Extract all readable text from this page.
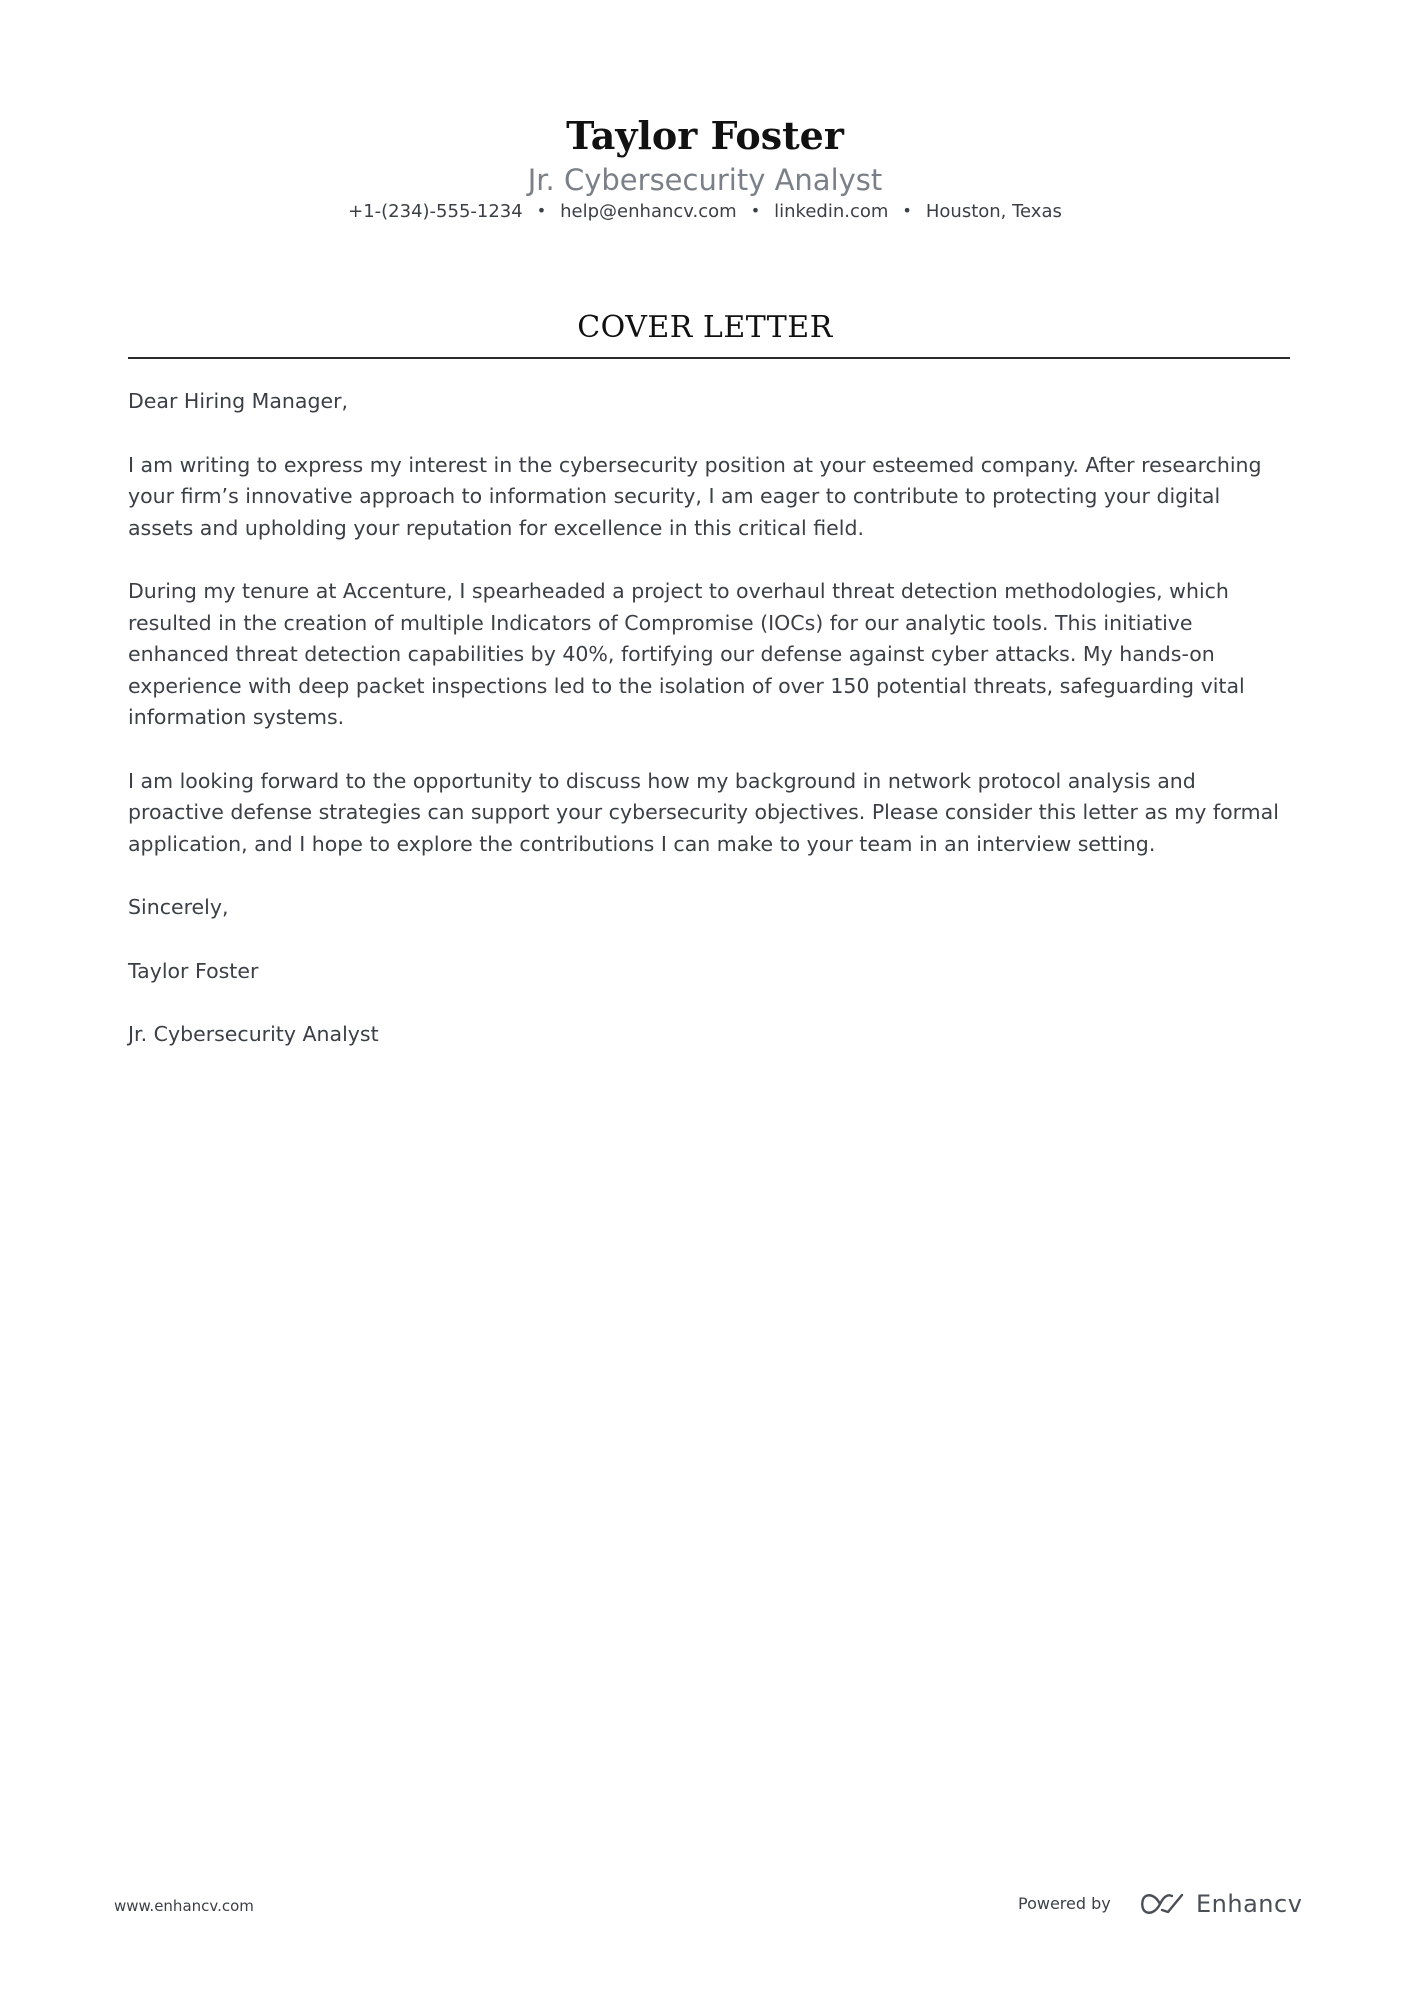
Taylor Foster
Jr. Cybersecurity Analyst
+1-(234)-555-1234 • help@enhancv.com • linkedin.com • Houston, Texas
COVER LETTER

Dear Hiring Manager,

I am writing to express my interest in the cybersecurity position at your esteemed company. After researching your firm’s innovative approach to information security, I am eager to contribute to protecting your digital assets and upholding your reputation for excellence in this critical field.

During my tenure at Accenture, I spearheaded a project to overhaul threat detection methodologies, which resulted in the creation of multiple Indicators of Compromise (IOCs) for our analytic tools. This initiative enhanced threat detection capabilities by 40%, fortifying our defense against cyber attacks. My hands-on experience with deep packet inspections led to the isolation of over 150 potential threats, safeguarding vital information systems.

I am looking forward to the opportunity to discuss how my background in network protocol analysis and proactive defense strategies can support your cybersecurity objectives. Please consider this letter as my formal application, and I hope to explore the contributions I can make to your team in an interview setting.

Sincerely,

Taylor Foster

Jr. Cybersecurity Analyst

www.enhancv.com	Powered by	Enhancv
